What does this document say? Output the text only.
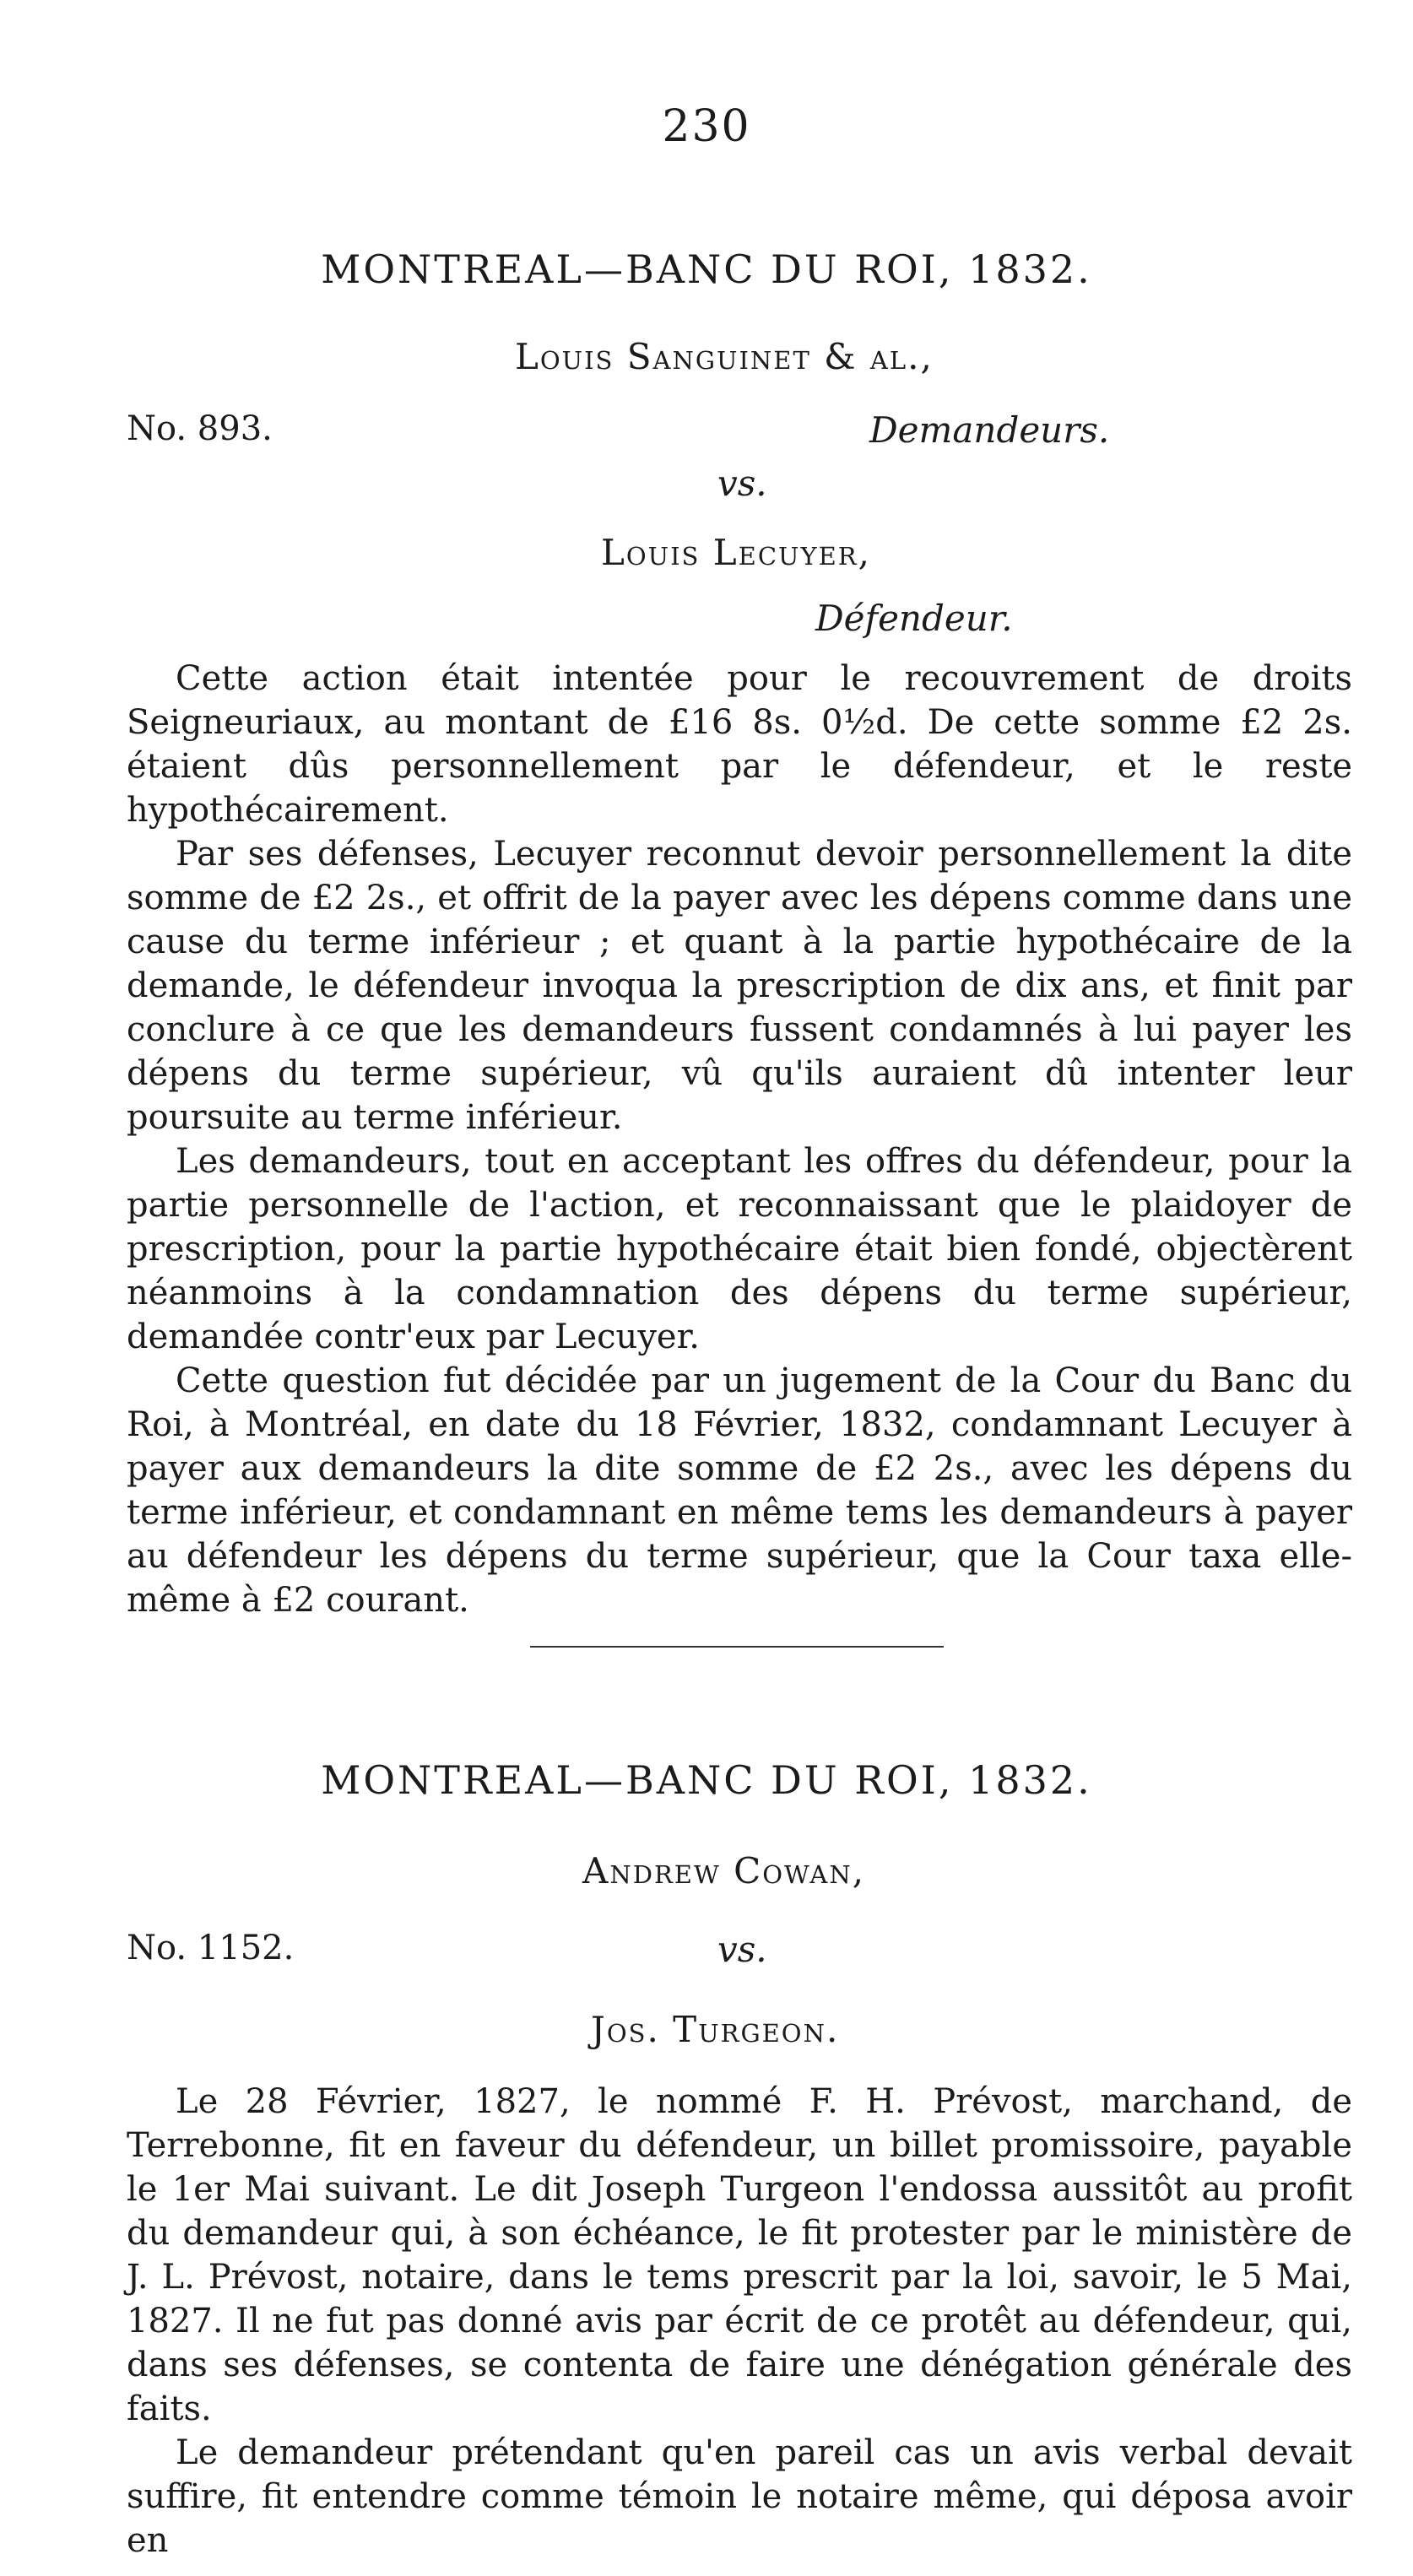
230
MONTREAL—BANC DU ROI, 1832.
Louis Sanguinet & al.,
No. 893.	Demandeurs.
vs.
Louis Lecuyer,
Défendeur.

Cette action était intentée pour le recouvrement de droits Seigneuriaux, au montant de £16 8s. 0½d. De cette somme £2 2s. étaient dûs personnellement par le défendeur, et le reste hypothécairement.

Par ses défenses, Lecuyer reconnut devoir personnellement la dite somme de £2 2s., et offrit de la payer avec les dépens comme dans une cause du terme inférieur ; et quant à la partie hypothécaire de la demande, le défendeur invoqua la prescription de dix ans, et finit par conclure à ce que les demandeurs fussent condamnés à lui payer les dépens du terme supérieur, vû qu'ils auraient dû intenter leur poursuite au terme inférieur.

Les demandeurs, tout en acceptant les offres du défendeur, pour la partie personnelle de l'action, et reconnaissant que le plaidoyer de prescription, pour la partie hypothécaire était bien fondé, objectèrent néanmoins à la condamnation des dépens du terme supérieur, demandée contr'eux par Lecuyer.

Cette question fut décidée par un jugement de la Cour du Banc du Roi, à Montréal, en date du 18 Février, 1832, condamnant Lecuyer à payer aux demandeurs la dite somme de £2 2s., avec les dépens du terme inférieur, et condamnant en même tems les demandeurs à payer au défendeur les dépens du terme supérieur, que la Cour taxa elle-même à £2 courant.

MONTREAL—BANC DU ROI, 1832.
Andrew Cowan,
No. 1152.	vs.
Jos. Turgeon.

Le 28 Février, 1827, le nommé F. H. Prévost, marchand, de Terrebonne, fit en faveur du défendeur, un billet promissoire, payable le 1er Mai suivant. Le dit Joseph Turgeon l'endossa aussitôt au profit du demandeur qui, à son échéance, le fit protester par le ministère de J. L. Prévost, notaire, dans le tems prescrit par la loi, savoir, le 5 Mai, 1827. Il ne fut pas donné avis par écrit de ce protêt au défendeur, qui, dans ses défenses, se contenta de faire une dénégation générale des faits.

Le demandeur prétendant qu'en pareil cas un avis verbal devait suffire, fit entendre comme témoin le notaire même, qui déposa avoir en
